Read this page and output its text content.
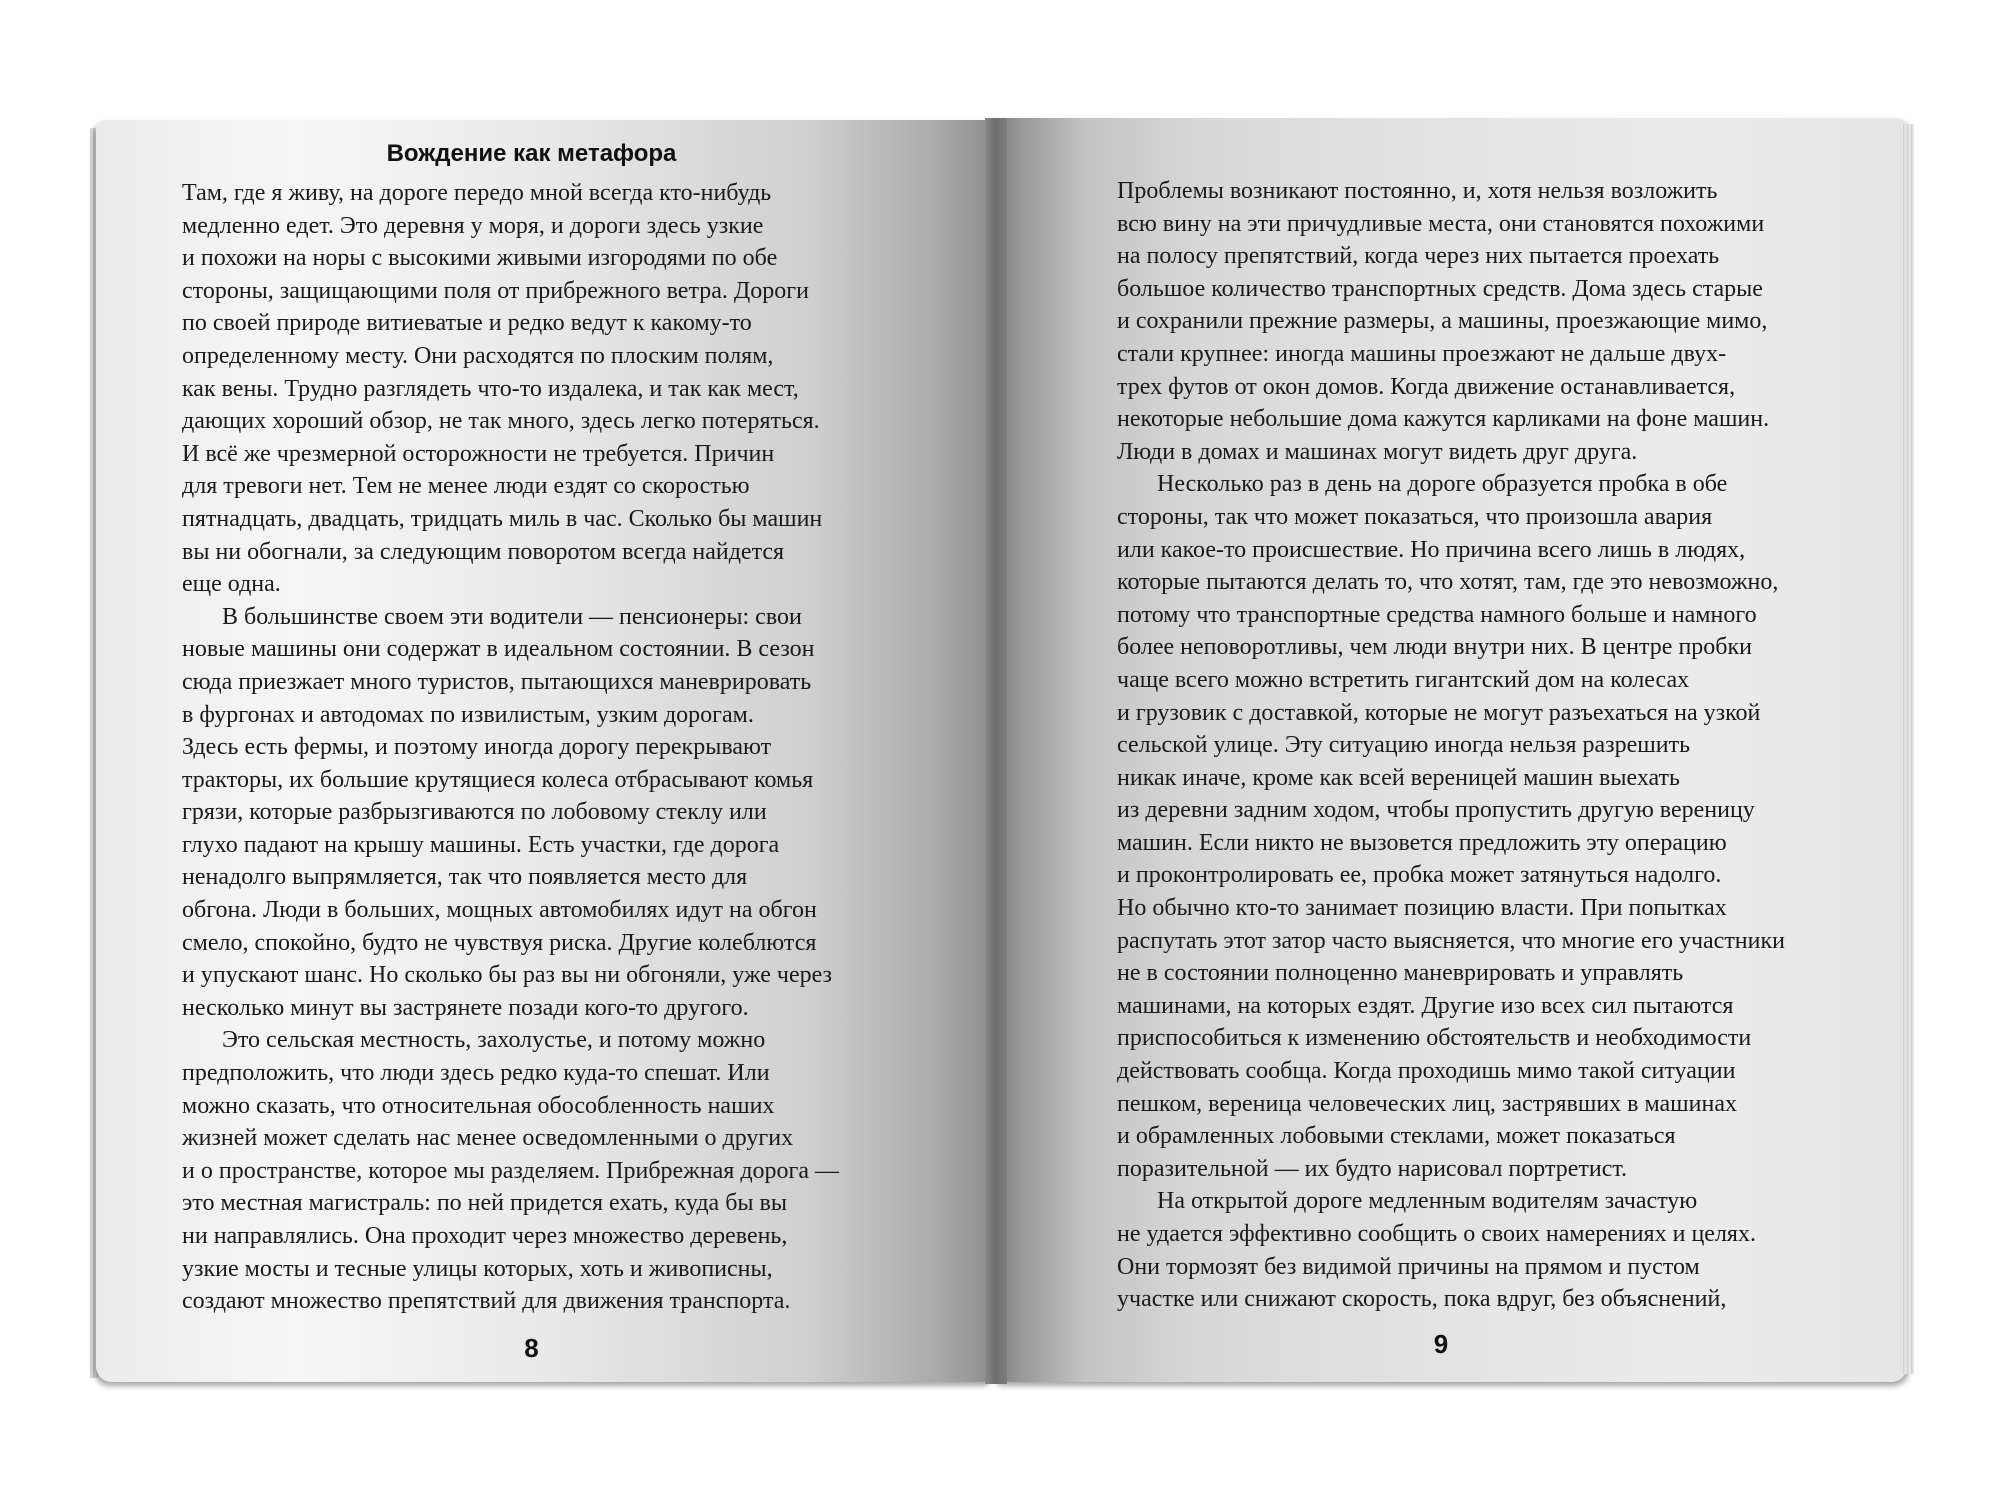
Вождение как метафора
Там, где я живу, на дороге передо мной всегда кто-нибудь
медленно едет. Это деревня у моря, и дороги здесь узкие
и похожи на норы с высокими живыми изгородями по обе
стороны, защищающими поля от прибрежного ветра. Дороги
по своей природе витиеватые и редко ведут к какому-то
определенному месту. Они расходятся по плоским полям,
как вены. Трудно разглядеть что-то издалека, и так как мест,
дающих хороший обзор, не так много, здесь легко потеряться.
И всё же чрезмерной осторожности не требуется. Причин
для тревоги нет. Тем не менее люди ездят со скоростью
пятнадцать, двадцать, тридцать миль в час. Сколько бы машин
вы ни обогнали, за следующим поворотом всегда найдется
еще одна.
В большинстве своем эти водители — пенсионеры: свои
новые машины они содержат в идеальном состоянии. В сезон
сюда приезжает много туристов, пытающихся маневрировать
в фургонах и автодомах по извилистым, узким дорогам.
Здесь есть фермы, и поэтому иногда дорогу перекрывают
тракторы, их большие крутящиеся колеса отбрасывают комья
грязи, которые разбрызгиваются по лобовому стеклу или
глухо падают на крышу машины. Есть участки, где дорога
ненадолго выпрямляется, так что появляется место для
обгона. Люди в больших, мощных автомобилях идут на обгон
смело, спокойно, будто не чувствуя риска. Другие колеблются
и упускают шанс. Но сколько бы раз вы ни обгоняли, уже через
несколько минут вы застрянете позади кого-то другого.
Это сельская местность, захолустье, и потому можно
предположить, что люди здесь редко куда-то спешат. Или
можно сказать, что относительная обособленность наших
жизней может сделать нас менее осведомленными о других
и о пространстве, которое мы разделяем. Прибрежная дорога —
это местная магистраль: по ней придется ехать, куда бы вы
ни направлялись. Она проходит через множество деревень,
узкие мосты и тесные улицы которых, хоть и живописны,
создают множество препятствий для движения транспорта.
8
Проблемы возникают постоянно, и, хотя нельзя возложить
всю вину на эти причудливые места, они становятся похожими
на полосу препятствий, когда через них пытается проехать
большое количество транспортных средств. Дома здесь старые
и сохранили прежние размеры, а машины, проезжающие мимо,
стали крупнее: иногда машины проезжают не дальше двух-
трех футов от окон домов. Когда движение останавливается,
некоторые небольшие дома кажутся карликами на фоне машин.
Люди в домах и машинах могут видеть друг друга.
Несколько раз в день на дороге образуется пробка в обе
стороны, так что может показаться, что произошла авария
или какое-то происшествие. Но причина всего лишь в людях,
которые пытаются делать то, что хотят, там, где это невозможно,
потому что транспортные средства намного больше и намного
более неповоротливы, чем люди внутри них. В центре пробки
чаще всего можно встретить гигантский дом на колесах
и грузовик с доставкой, которые не могут разъехаться на узкой
сельской улице. Эту ситуацию иногда нельзя разрешить
никак иначе, кроме как всей вереницей машин выехать
из деревни задним ходом, чтобы пропустить другую вереницу
машин. Если никто не вызовется предложить эту операцию
и проконтролировать ее, пробка может затянуться надолго.
Но обычно кто-то занимает позицию власти. При попытках
распутать этот затор часто выясняется, что многие его участники
не в состоянии полноценно маневрировать и управлять
машинами, на которых ездят. Другие изо всех сил пытаются
приспособиться к изменению обстоятельств и необходимости
действовать сообща. Когда проходишь мимо такой ситуации
пешком, вереница человеческих лиц, застрявших в машинах
и обрамленных лобовыми стеклами, может показаться
поразительной — их будто нарисовал портретист.
На открытой дороге медленным водителям зачастую
не удается эффективно сообщить о своих намерениях и целях.
Они тормозят без видимой причины на прямом и пустом
участке или снижают скорость, пока вдруг, без объяснений,
9
